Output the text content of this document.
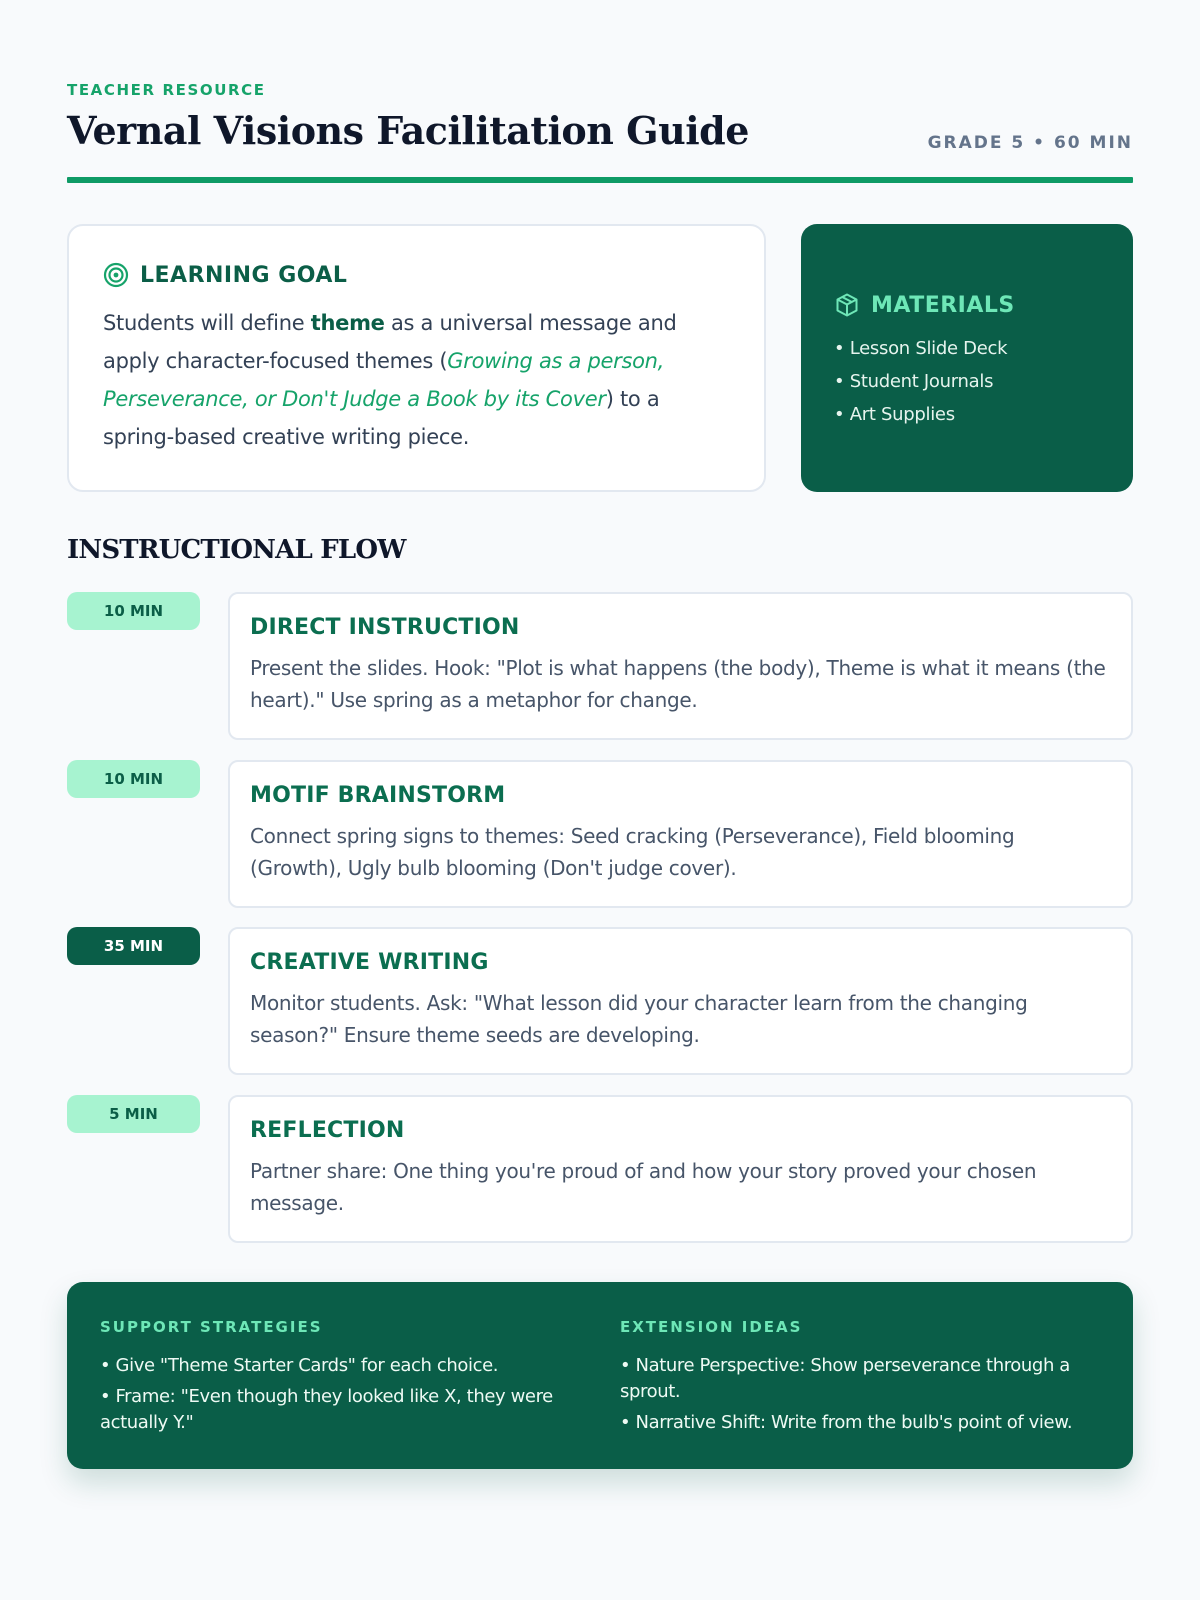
TEACHER RESOURCE
Vernal Visions Facilitation Guide	GRADE 5 • 60 MIN
LEARNING GOAL

Students will define theme as a universal message and apply character-focused themes (Growing as a person, Perseverance, or Don't Judge a Book by its Cover) to a spring-based creative writing piece.

MATERIALS
• Lesson Slide Deck
• Student Journals
• Art Supplies
INSTRUCTIONAL FLOW
10 MIN
DIRECT INSTRUCTION
Present the slides. Hook: "Plot is what happens (the body), Theme is what it means (the heart)." Use spring as a metaphor for change.
10 MIN
MOTIF BRAINSTORM
Connect spring signs to themes: Seed cracking (Perseverance), Field blooming (Growth), Ugly bulb blooming (Don't judge cover).
35 MIN
CREATIVE WRITING
Monitor students. Ask: "What lesson did your character learn from the changing season?" Ensure theme seeds are developing.
5 MIN
REFLECTION
Partner share: One thing you're proud of and how your story proved your chosen message.
SUPPORT STRATEGIES
• Give "Theme Starter Cards" for each choice.
• Frame: "Even though they looked like X, they were actually Y."
EXTENSION IDEAS
• Nature Perspective: Show perseverance through a sprout.
• Narrative Shift: Write from the bulb's point of view.
